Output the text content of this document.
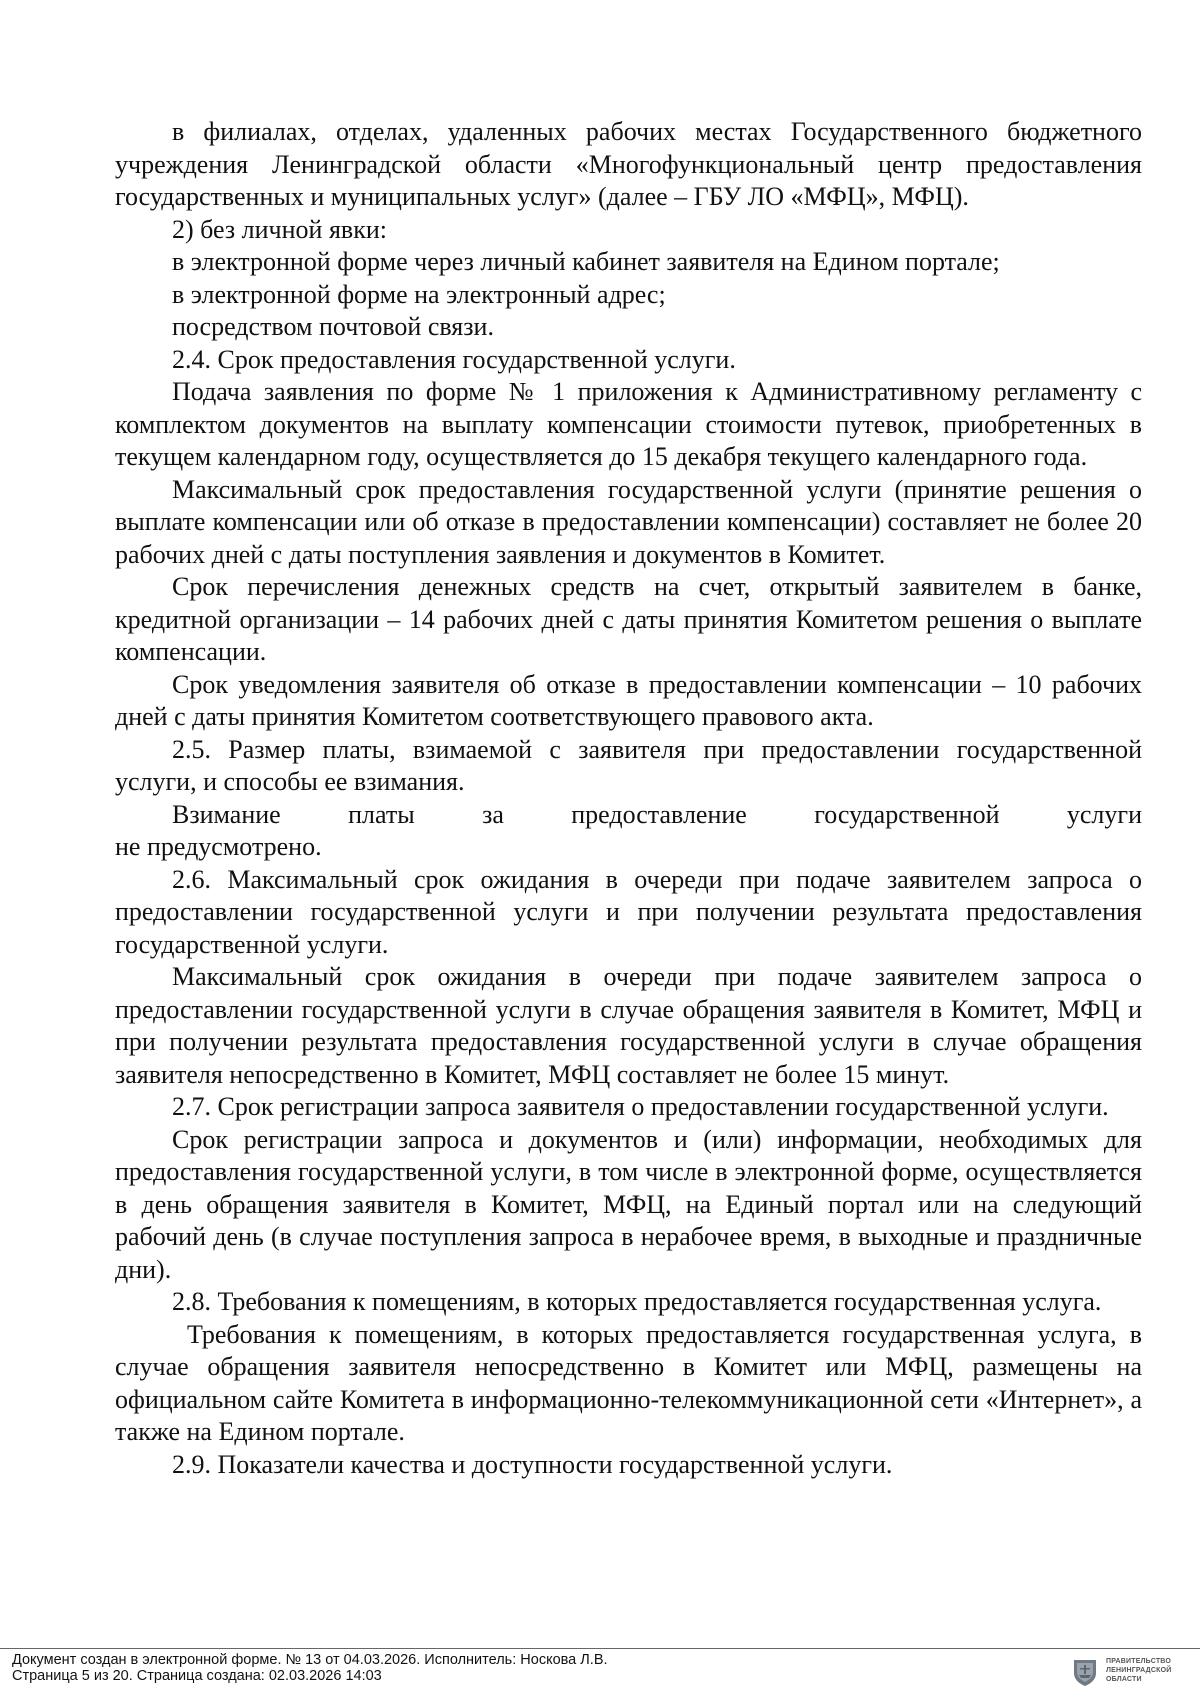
в филиалах, отделах, удаленных рабочих местах Государственного бюджетного учреждения Ленинградской области «Многофункциональный центр предоставления государственных и муниципальных услуг» (далее – ГБУ ЛО «МФЦ», МФЦ).

2) без личной явки:

в электронной форме через личный кабинет заявителя на Едином портале;

в электронной форме на электронный адрес;

посредством почтовой связи.

2.4. Срок предоставления государственной услуги.

Подача заявления по форме № 1 приложения к Административному регламенту с комплектом документов на выплату компенсации стоимости путевок, приобретенных в текущем календарном году, осуществляется до 15 декабря текущего календарного года.

Максимальный срок предоставления государственной услуги (принятие решения о выплате компенсации или об отказе в предоставлении компенсации) составляет не более 20 рабочих дней с даты поступления заявления и документов в Комитет.

Срок перечисления денежных средств на счет, открытый заявителем в банке, кредитной организации – 14 рабочих дней с даты принятия Комитетом решения о выплате компенсации.

Срок уведомления заявителя об отказе в предоставлении компенсации – 10 рабочих дней с даты принятия Комитетом соответствующего правового акта.

2.5. Размер платы, взимаемой с заявителя при предоставлении государственной услуги, и способы ее взимания.

Взимание платы за предоставление государственной услуги

не предусмотрено.

2.6. Максимальный срок ожидания в очереди при подаче заявителем запроса о предоставлении государственной услуги и при получении результата предоставления государственной услуги.

Максимальный срок ожидания в очереди при подаче заявителем запроса о предоставлении государственной услуги в случае обращения заявителя в Комитет, МФЦ и при получении результата предоставления государственной услуги в случае обращения заявителя непосредственно в Комитет, МФЦ составляет не более 15 минут.

2.7. Срок регистрации запроса заявителя о предоставлении государственной услуги.

Срок регистрации запроса и документов и (или) информации, необходимых для предоставления государственной услуги, в том числе в электронной форме, осуществляется в день обращения заявителя в Комитет, МФЦ, на Единый портал или на следующий рабочий день (в случае поступления запроса в нерабочее время, в выходные и праздничные дни).

2.8. Требования к помещениям, в которых предоставляется государственная услуга.

Требования к помещениям, в которых предоставляется государственная услуга, в случае обращения заявителя непосредственно в Комитет или МФЦ, размещены на официальном сайте Комитета в информационно-телекоммуникационной сети «Интернет», а также на Едином портале.

2.9. Показатели качества и доступности государственной услуги.

Документ создан в электронной форме. № 13 от 04.03.2026. Исполнитель: Носкова Л.В.
Страница 5 из 20. Страница создана: 02.03.2026 14:03
ПРАВИТЕЛЬСТВО
ЛЕНИНГРАДСКОЙ
ОБЛАСТИ
